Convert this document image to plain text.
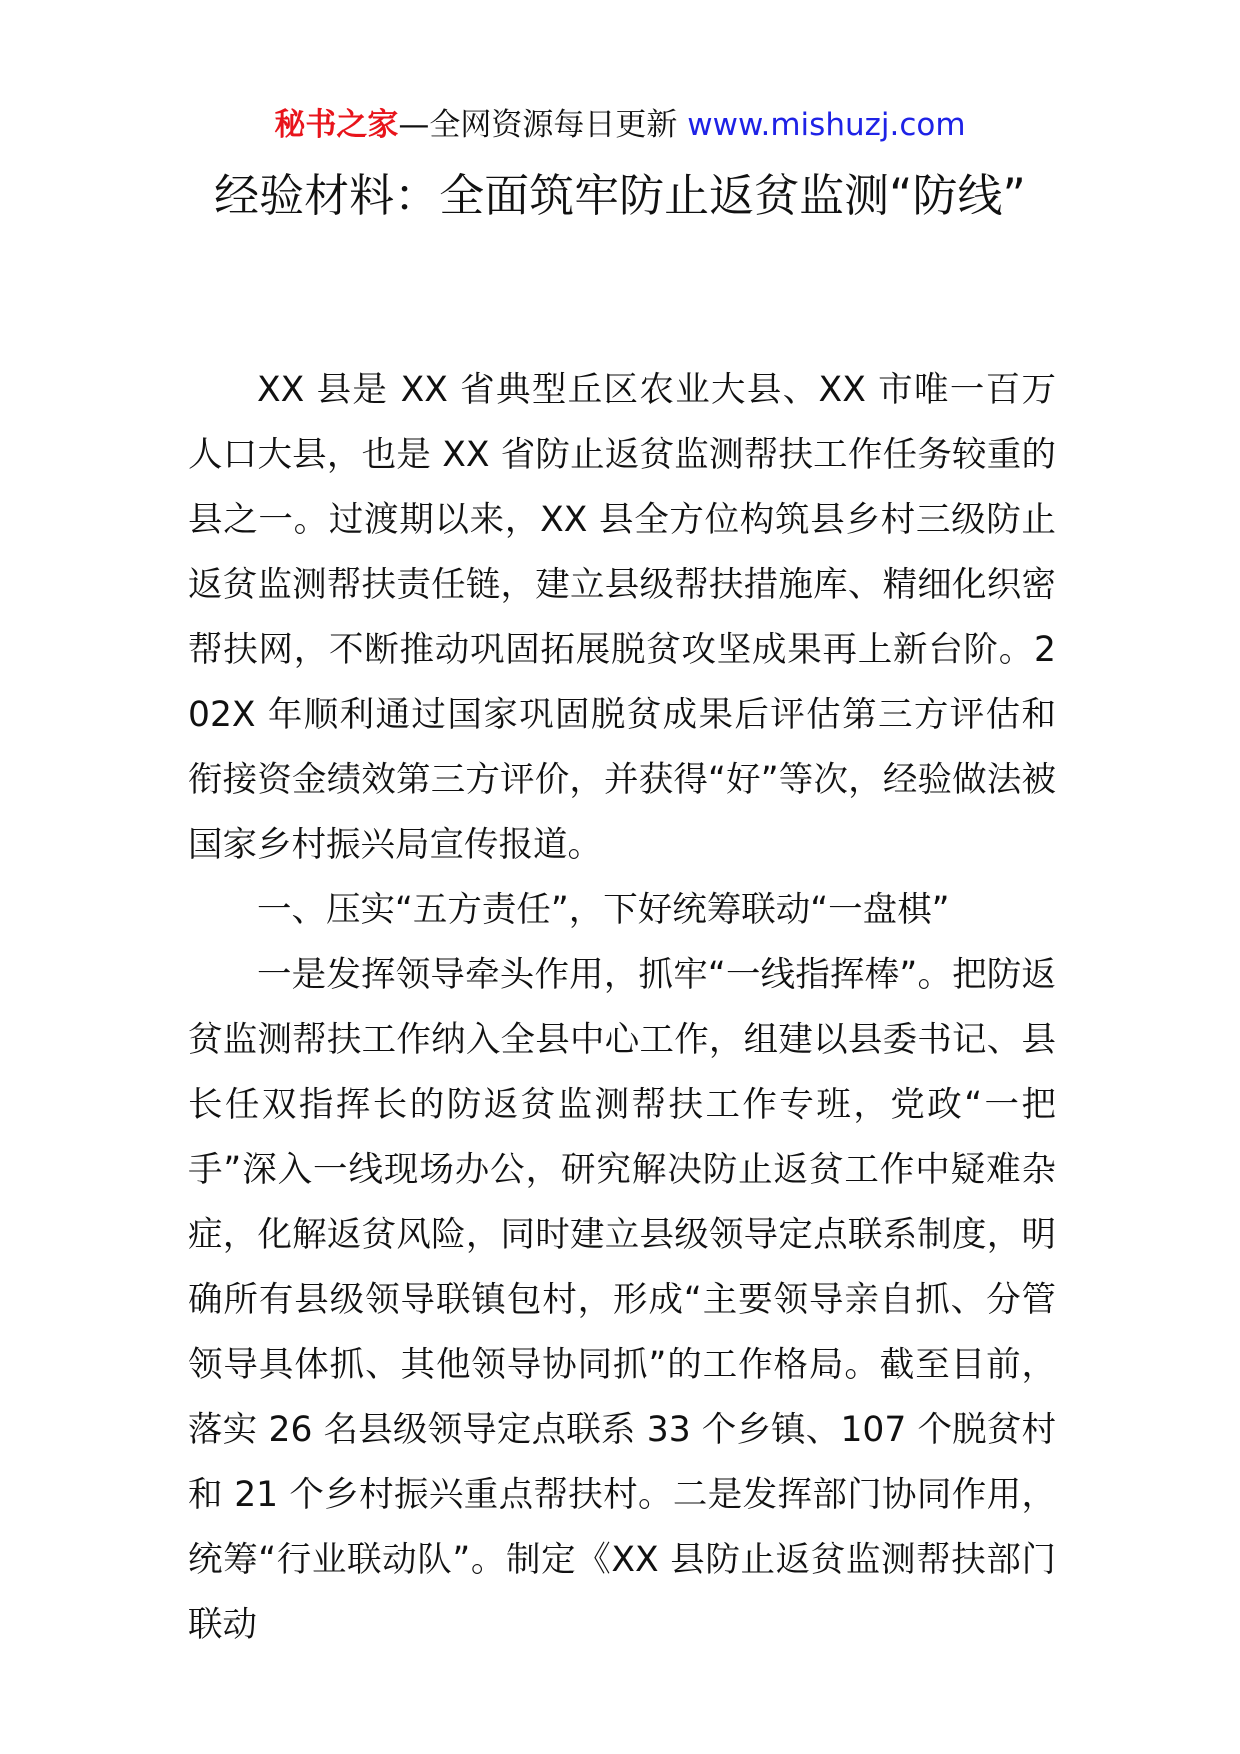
秘书之家—全网资源每日更新 www.mishuzj.com
经验材料：全面筑牢防止返贫监测“防线”

XX 县是 XX 省典型丘区农业大县、XX 市唯一百万人口大县，也是 XX 省防止返贫监测帮扶工作任务较重的县之一。过渡期以来，XX 县全方位构筑县乡村三级防止返贫监测帮扶责任链，建立县级帮扶措施库、精细化织密帮扶网，不断推动巩固拓展脱贫攻坚成果再上新台阶。202X 年顺利通过国家巩固脱贫成果后评估第三方评估和衔接资金绩效第三方评价，并获得“好”等次，经验做法被国家乡村振兴局宣传报道。

一、压实“五方责任”，下好统筹联动“一盘棋”

一是发挥领导牵头作用，抓牢“一线指挥棒”。把防返贫监测帮扶工作纳入全县中心工作，组建以县委书记、县长任双指挥长的防返贫监测帮扶工作专班，党政“一把手”深入一线现场办公，研究解决防止返贫工作中疑难杂症，化解返贫风险，同时建立县级领导定点联系制度，明确所有县级领导联镇包村，形成“主要领导亲自抓、分管领导具体抓、其他领导协同抓”的工作格局。截至目前，落实 26 名县级领导定点联系 33 个乡镇、107 个脱贫村和 21 个乡村振兴重点帮扶村。二是发挥部门协同作用，统筹“行业联动队”。制定《XX 县防止返贫监测帮扶部门联动
